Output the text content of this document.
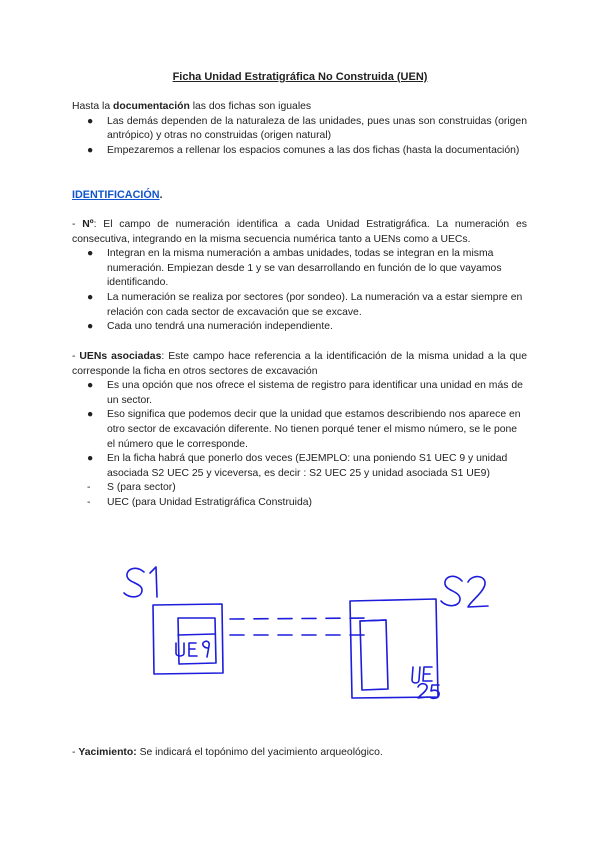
Ficha Unidad Estratigráfica No Construida (UEN)
Hasta la documentación las dos fichas son iguales
● Las demás dependen de la naturaleza de las unidades, pues unas son construidas (origen antrópico) y otras no construidas (origen natural)
● Empezaremos a rellenar los espacios comunes a las dos fichas (hasta la documentación)
IDENTIFICACIÓN.
- Nº: El campo de numeración identifica a cada Unidad Estratigráfica. La numeración es consecutiva, integrando en la misma secuencia numérica tanto a UENs como a UECs.
● Integran en la misma numeración a ambas unidades, todas se integran en la misma numeración. Empiezan desde 1 y se van desarrollando en función de lo que vayamos identificando.
● La numeración se realiza por sectores (por sondeo). La numeración va a estar siempre en relación con cada sector de excavación que se excave.
● Cada uno tendrá una numeración independiente.
- UENs asociadas: Este campo hace referencia a la identificación de la misma unidad a la que corresponde la ficha en otros sectores de excavación
● Es una opción que nos ofrece el sistema de registro para identificar una unidad en más de un sector.
● Eso significa que podemos decir que la unidad que estamos describiendo nos aparece en otro sector de excavación diferente. No tienen porqué tener el mismo número, se le pone el número que le corresponde.
● En la ficha habrá que ponerlo dos veces (EJEMPLO: una poniendo S1 UEC 9 y unidad asociada S2 UEC 25 y viceversa, es decir : S2 UEC 25 y unidad asociada S1 UE9)
- S (para sector)
- UEC (para Unidad Estratigráfica Construida)
S1
S2
UE9
UE
25
- Yacimiento: Se indicará el topónimo del yacimiento arqueológico.
